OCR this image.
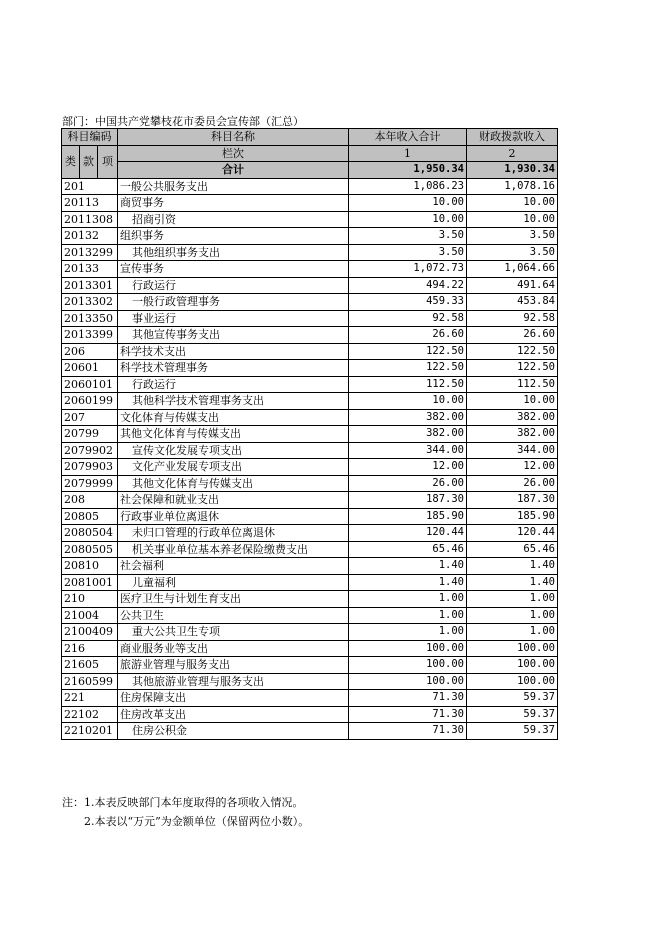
部门：中国共产党攀枝花市委员会宣传部（汇总）
科目编码			科目名称	本年收入合计	财政拨款收入
类	款	项	栏次	1	2
			合计	1,950.34	1,930.34
201			一般公共服务支出	1,086.23	1,078.16
20113			商贸事务	10.00	10.00
2011308			招商引资	10.00	10.00
20132			组织事务	3.50	3.50
2013299			其他组织事务支出	3.50	3.50
20133			宣传事务	1,072.73	1,064.66
2013301			行政运行	494.22	491.64
2013302			一般行政管理事务	459.33	453.84
2013350			事业运行	92.58	92.58
2013399			其他宣传事务支出	26.60	26.60
206			科学技术支出	122.50	122.50
20601			科学技术管理事务	122.50	122.50
2060101			行政运行	112.50	112.50
2060199			其他科学技术管理事务支出	10.00	10.00
207			文化体育与传媒支出	382.00	382.00
20799			其他文化体育与传媒支出	382.00	382.00
2079902			宣传文化发展专项支出	344.00	344.00
2079903			文化产业发展专项支出	12.00	12.00
2079999			其他文化体育与传媒支出	26.00	26.00
208			社会保障和就业支出	187.30	187.30
20805			行政事业单位离退休	185.90	185.90
2080504			未归口管理的行政单位离退休	120.44	120.44
2080505			机关事业单位基本养老保险缴费支出	65.46	65.46
20810			社会福利	1.40	1.40
2081001			儿童福利	1.40	1.40
210			医疗卫生与计划生育支出	1.00	1.00
21004			公共卫生	1.00	1.00
2100409			重大公共卫生专项	1.00	1.00
216			商业服务业等支出	100.00	100.00
21605			旅游业管理与服务支出	100.00	100.00
2160599			其他旅游业管理与服务支出	100.00	100.00
221			住房保障支出	71.30	59.37
22102			住房改革支出	71.30	59.37
2210201			住房公积金	71.30	59.37
注：1.本表反映部门本年度取得的各项收入情况。
2.本表以“万元”为金额单位（保留两位小数）。
